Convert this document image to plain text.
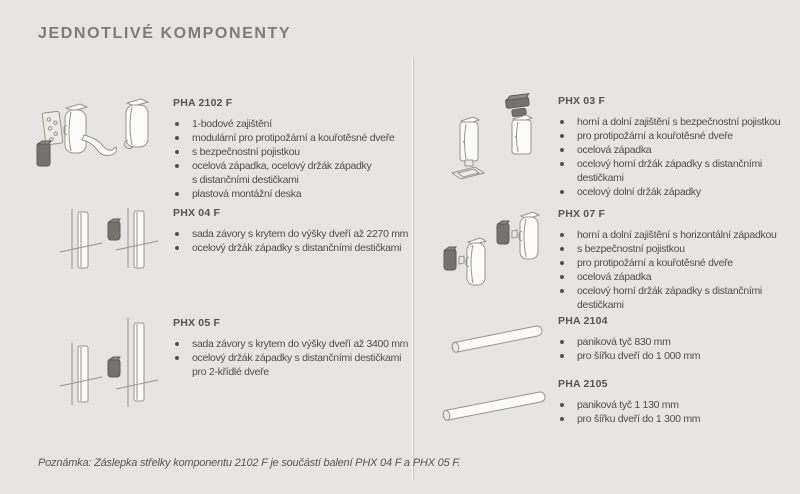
JEDNOTLIVÉ KOMPONENTY
PHA 2102 F
1-bodové zajištění
modulární pro protipožární a kouřotěsné dveře
s bezpečnostní pojistkou
ocelová západka, ocelový držák západky s distančními destičkami
plastová montážní deska
PHX 04 F
sada závory s krytem do výšky dveří až 2270 mm
ocelový držák západky s distančními destičkami
PHX 05 F
sada závory s krytem do výšky dveří až 3400 mm
ocelový držák západky s distančními destičkami pro 2-křídlé dveře
PHX 03 F
horní a dolní zajištění s bezpečnostní pojistkou
pro protipožární a kouřotěsné dveře
ocelová západka
ocelový horní držák západky s distančními destičkami
ocelový dolní držák západky
PHX 07 F
horní a dolní zajištění s horizontální západkou
s bezpečnostní pojistkou
pro protipožární a kouřotěsné dveře
ocelová západka
ocelový horní držák západky s distančními destičkami
PHA 2104
paniková tyč 830 mm
pro šířku dveří do 1 000 mm
PHA 2105
paniková tyč 1 130 mm
pro šířku dveří do 1 300 mm

Poznámka: Záslepka střelky komponentu 2102 F je součástí balení PHX 04 F a PHX 05 F.
